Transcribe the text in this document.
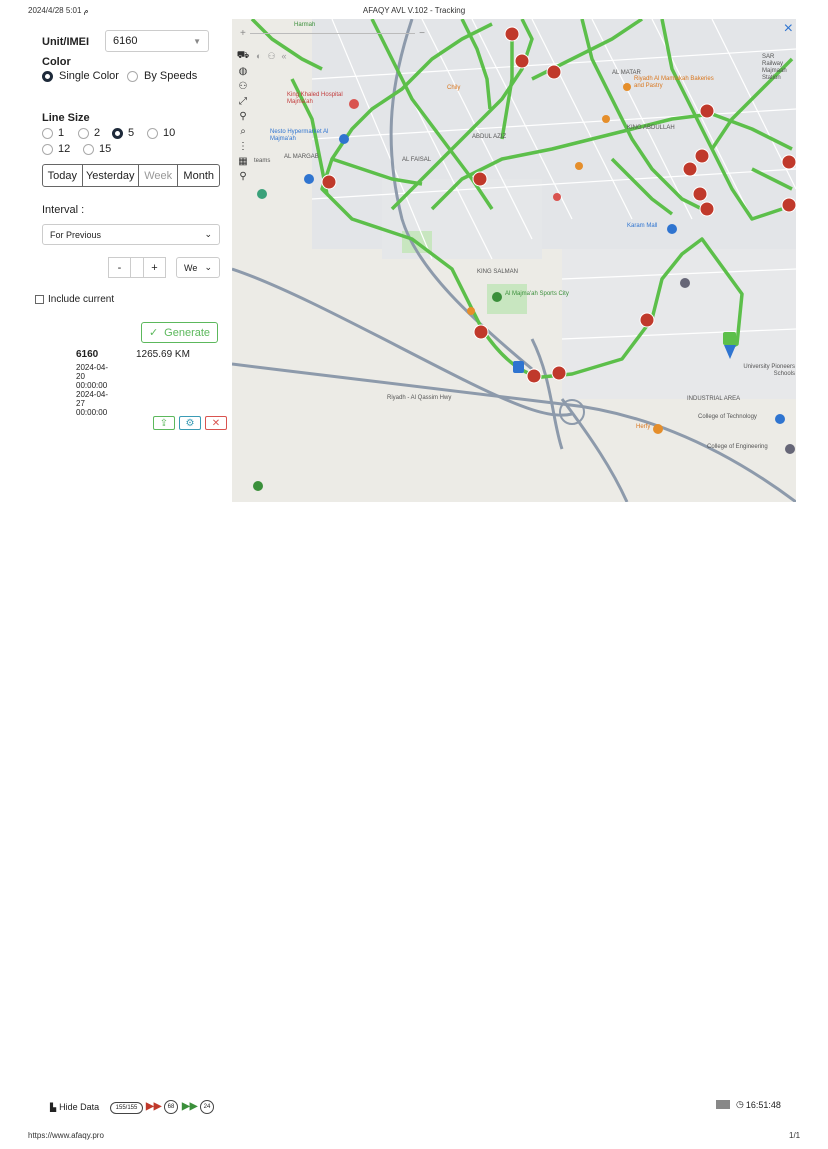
م 5:01 2024/4/28	AFAQY AVL V.102 - Tracking
Unit/IMEI 6160	▼
Color
Single Color By Speeds
Line Size
1	2	5	10
12	15
Today Yesterday Week	Month
Interval :
For Previous	⌄
-	+	We ⌄
Include current
✓ Generate
6160	1265.69 KM
2024-04-
20
00:00:00
2024-04-
27
00:00:00
⇪	⚙	✕
Harmah
King Khaled Hospital Majma'ah
Nesto Hypermarket Al Majma'ah
AL MARGAB	AL FAISAL
ABDUL AZIZ
Chily
AL MATAR
Riyadh Al Mamlakah Bakeries and Pastry
KING ABDULLAH
Karam Mall
KING SALMAN
Al Majma'ah Sports City
INDUSTRIAL AREA
College of Technology
College of Engineering
University Pioneers Schools
Herfy
Riyadh - Al Qassim Hwy
SAR Railway Majmaah Station
teams
+	−	×
⛟
◍
⚇
⤢
⚲
⌕
⋮
▦
⚲
◐ ⚇ «
▙ Hide Data	155/155 ▶▶	68 ▶▶	24	◷ 16:51:48
https://www.afaqy.pro	1/1
